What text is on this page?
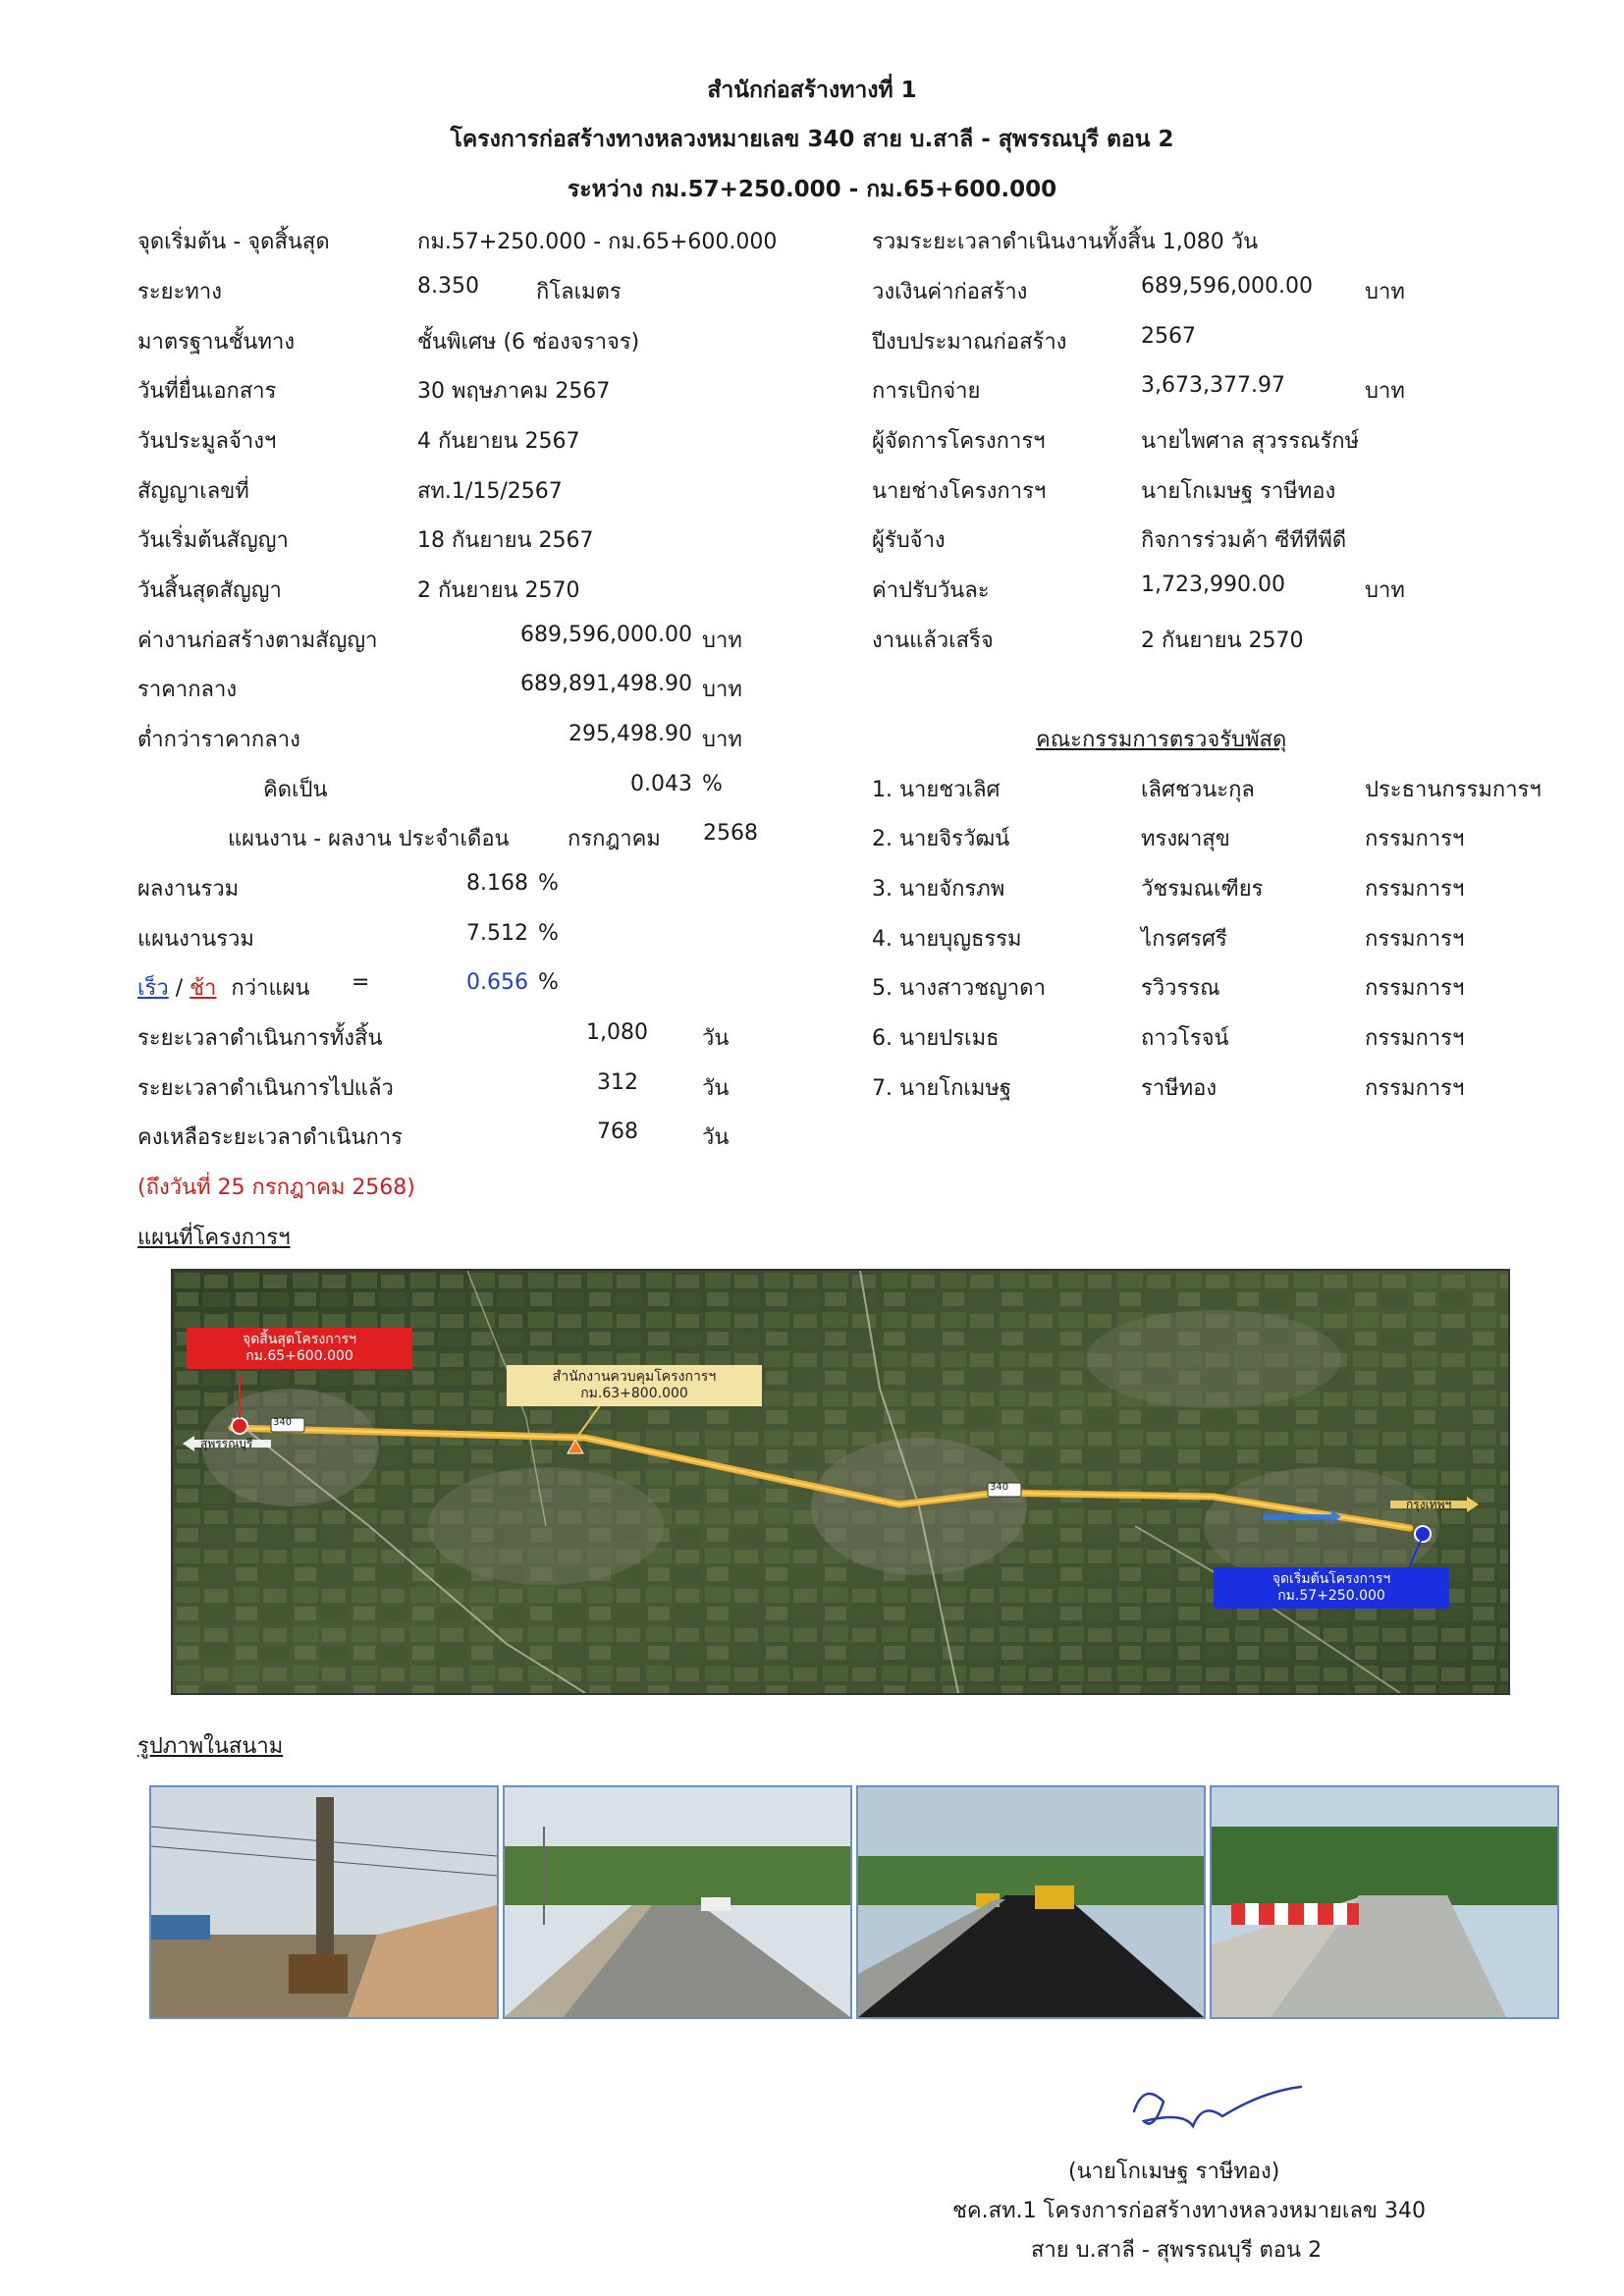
สำนักก่อสร้างทางที่ 1
โครงการก่อสร้างทางหลวงหมายเลข 340 สาย บ.สาลี - สุพรรณบุรี ตอน 2
ระหว่าง กม.57+250.000 - กม.65+600.000
จุดเริ่มต้น - จุดสิ้นสุด	กม.57+250.000 - กม.65+600.000
ระยะทาง	8.350	กิโลเมตร
มาตรฐานชั้นทาง	ชั้นพิเศษ (6 ช่องจราจร)
วันที่ยื่นเอกสาร	30 พฤษภาคม 2567
วันประมูลจ้างฯ	4 กันยายน 2567
สัญญาเลขที่	สท.1/15/2567
วันเริ่มต้นสัญญา	18 กันยายน 2567
วันสิ้นสุดสัญญา	2 กันยายน 2570
ค่างานก่อสร้างตามสัญญา	689,596,000.00 บาท
ราคากลาง	689,891,498.90 บาท
ต่ำกว่าราคากลาง	295,498.90 บาท
คิดเป็น	0.043 %
แผนงาน - ผลงาน ประจำเดือน	กรกฎาคม 2568
ผลงานรวม	8.168 %
แผนงานรวม	7.512 %
เร็ว / ช้า กว่าแผน =	0.656 %
ระยะเวลาดำเนินการทั้งสิ้น	1,080	วัน
ระยะเวลาดำเนินการไปแล้ว	312	วัน
คงเหลือระยะเวลาดำเนินการ	768	วัน
(ถึงวันที่ 25 กรกฎาคม 2568)
รวมระยะเวลาดำเนินงานทั้งสิ้น 1,080 วัน
วงเงินค่าก่อสร้าง	689,596,000.00 บาท
ปีงบประมาณก่อสร้าง	2567
การเบิกจ่าย	3,673,377.97	บาท
ผู้จัดการโครงการฯ	นายไพศาล สุวรรณรักษ์
นายช่างโครงการฯ	นายโกเมษฐ ราษีทอง
ผู้รับจ้าง	กิจการร่วมค้า ซีทีทีพีดี
ค่าปรับวันละ	1,723,990.00	บาท
งานแล้วเสร็จ	2 กันยายน 2570
คณะกรรมการตรวจรับพัสดุ
1. นายชวเลิศ	เลิศชวนะกุล	ประธานกรรมการฯ
2. นายจิรวัฒน์	ทรงผาสุข	กรรมการฯ
3. นายจักรภพ	วัชรมณเฑียร	กรรมการฯ
4. นายบุญธรรม	ไกรศรศรี	กรรมการฯ
5. นางสาวชญาดา	รวิวรรณ	กรรมการฯ
6. นายปรเมธ	ถาวโรจน์	กรรมการฯ
7. นายโกเมษฐ	ราษีทอง	กรรมการฯ
แผนที่โครงการฯ
340
340
สุพรรณบุรี
กรุงเทพฯ
จุดสิ้นสุดโครงการฯ
กม.65+600.000
สำนักงานควบคุมโครงการฯ
กม.63+800.000
จุดเริ่มต้นโครงการฯ
กม.57+250.000
รูปภาพในสนาม
(นายโกเมษฐ ราษีทอง)
ชค.สท.1 โครงการก่อสร้างทางหลวงหมายเลข 340
สาย บ.สาลี - สุพรรณบุรี ตอน 2
